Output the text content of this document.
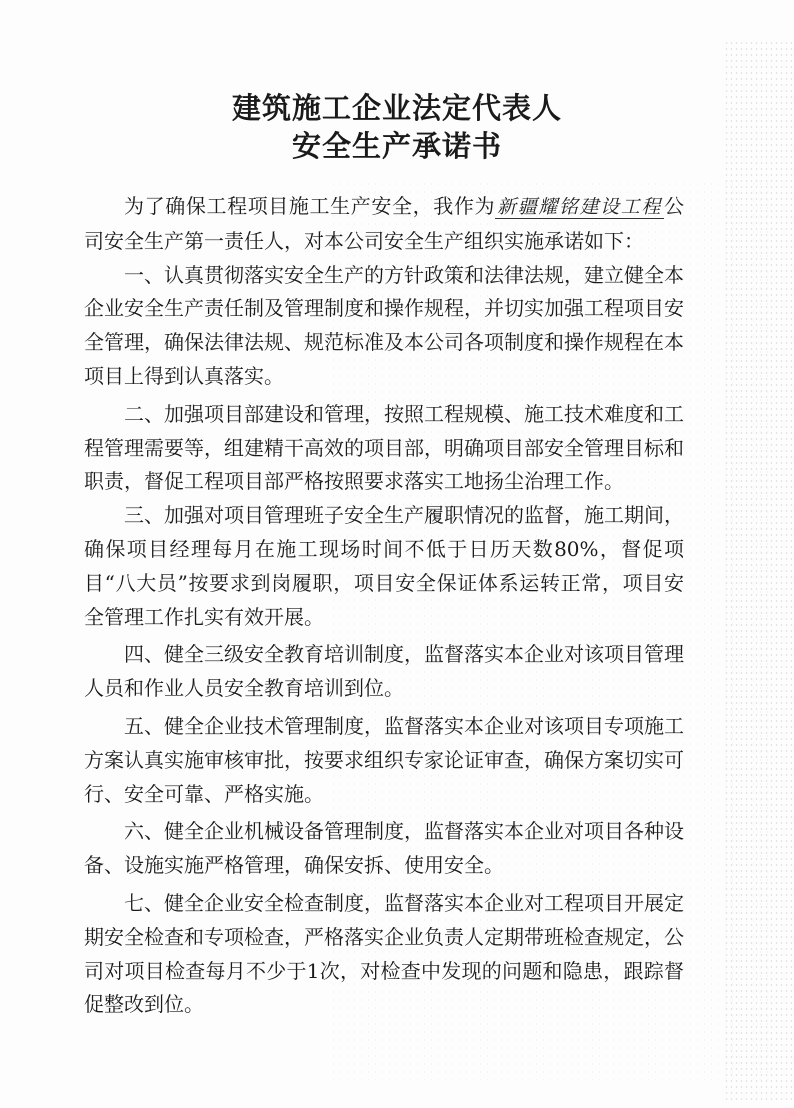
建筑施工企业法定代表人
安全生产承诺书

为了确保工程项目施工生产安全，我作为 新疆耀铭建设工程 公司安全生产第一责任人，对本公司安全生产组织实施承诺如下：

一、认真贯彻落实安全生产的方针政策和法律法规，建立健全本企业安全生产责任制及管理制度和操作规程，并切实加强工程项目安全管理，确保法律法规、规范标准及本公司各项制度和操作规程在本项目上得到认真落实。

二、加强项目部建设和管理，按照工程规模、施工技术难度和工程管理需要等，组建精干高效的项目部，明确项目部安全管理目标和职责，督促工程项目部严格按照要求落实工地扬尘治理工作。

三、加强对项目管理班子安全生产履职情况的监督，施工期间，确保项目经理每月在施工现场时间不低于日历天数80%，督促项目“八大员”按要求到岗履职，项目安全保证体系运转正常，项目安全管理工作扎实有效开展。

四、健全三级安全教育培训制度，监督落实本企业对该项目管理人员和作业人员安全教育培训到位。

五、健全企业技术管理制度，监督落实本企业对该项目专项施工方案认真实施审核审批，按要求组织专家论证审查，确保方案切实可行、安全可靠、严格实施。

六、健全企业机械设备管理制度，监督落实本企业对项目各种设备、设施实施严格管理，确保安拆、使用安全。

七、健全企业安全检查制度，监督落实本企业对工程项目开展定期安全检查和专项检查，严格落实企业负责人定期带班检查规定，公司对项目检查每月不少于1次，对检查中发现的问题和隐患，跟踪督促整改到位。
